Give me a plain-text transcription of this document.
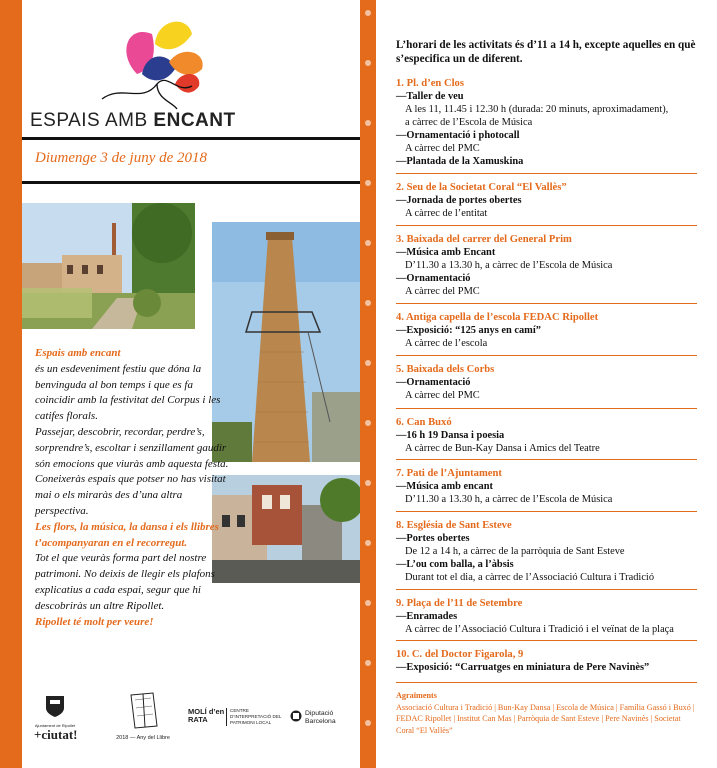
ESPAIS AMB ENCANT
Diumenge 3 de juny de 2018

Espais amb encant

és un esdeveniment festiu que dóna la benvinguda al bon temps i que es fa coincidir amb la festivitat del Corpus i les catifes florals.

Passejar, descobrir, recordar, perdre’s, sorprendre’s, escoltar i senzillament gaudir són emocions que viuràs amb aquesta festa.

Coneixeràs espais que potser no has visitat mai o els miraràs des d’una altra perspectiva.

Les flors, la música, la dansa i els llibres t’acompanyaran en el recorregut.

Tot el que veuràs forma part del nostre patrimoni. No deixis de llegir els plafons explicatius a cada espai, segur que hi descobriràs un altre Ripollet.

Ripollet té molt per veure!

Ajuntament de Ripollet
+ciutat!	2018 — Any del Llibre
MOLÍ d’en RATA
CENTRE D’INTERPRETACIÓ DEL PATRIMONI LOCAL
Diputació Barcelona
L’horari de les activitats és d’11 a 14 h, excepte aquelles en què s’especifica un de diferent.
1. Pl. d’en Clos
—Taller de veu
A les 11, 11.45 i 12.30 h (durada: 20 minuts, aproximadament),
a càrrec de l’Escola de Música
—Ornamentació i photocall
A càrrec del PMC
—Plantada de la Xamuskina
2. Seu de la Societat Coral “El Vallès”
—Jornada de portes obertes
A càrrec de l’entitat
3. Baixada del carrer del General Prim
—Música amb Encant
D’11.30 a 13.30 h, a càrrec de l’Escola de Música
—Ornamentació
A càrrec del PMC
4. Antiga capella de l’escola FEDAC Ripollet
—Exposició: “125 anys en camí”
A càrrec de l’escola
5. Baixada dels Corbs
—Ornamentació
A càrrec del PMC
6. Can Buxó
—16 h 19 Dansa i poesia
A càrrec de Bun-Kay Dansa i Amics del Teatre
7. Pati de l’Ajuntament
—Música amb encant
D’11.30 a 13.30 h, a càrrec de l’Escola de Música
8. Església de Sant Esteve
—Portes obertes
De 12 a 14 h, a càrrec de la parròquia de Sant Esteve
—L’ou com balla, a l’àbsis
Durant tot el dia, a càrrec de l’Associació Cultura i Tradició
9. Plaça de l’11 de Setembre
—Enramades
A càrrec de l’Associació Cultura i Tradició i el veïnat de la plaça
10. C. del Doctor Figarola, 9
—Exposició: “Carruatges en miniatura de Pere Navinès”
Agraïments
Associació Cultura i Tradició | Bun-Kay Dansa | Escola de Música | Família Gassó i Buxó | FEDAC Ripollet | Institut Can Mas | Parròquia de Sant Esteve | Pere Navinès | Societat Coral “El Vallès”
